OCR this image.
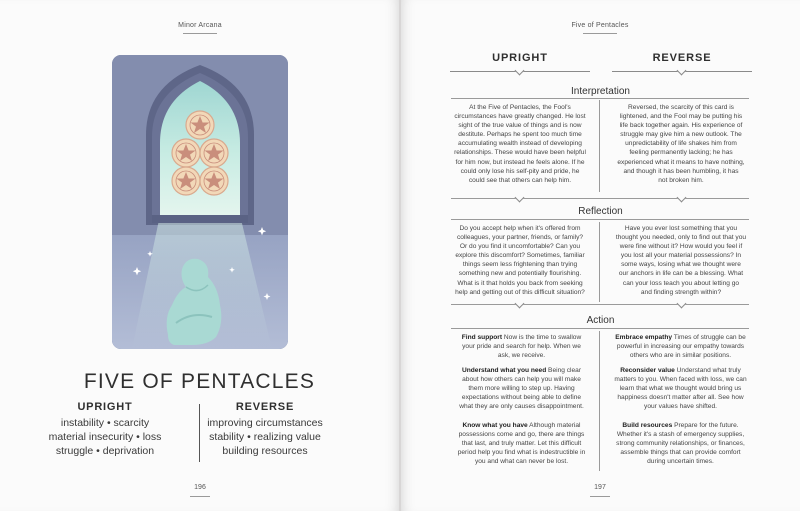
Minor Arcana
FIVE OF PENTACLES
UPRIGHT
instability • scarcity
material insecurity • loss
struggle • deprivation
REVERSE
improving circumstances
stability • realizing value
building resources
196
Five of Pentacles
UPRIGHT	REVERSE
Interpretation
At the Five of Pentacles, the Fool's
circumstances have greatly changed. He lost
sight of the true value of things and is now
destitute. Perhaps he spent too much time
accumulating wealth instead of developing
relationships. These would have been helpful
for him now, but instead he feels alone. If he
could only lose his self-pity and pride, he
could see that others can help him.
Reversed, the scarcity of this card is
lightened, and the Fool may be putting his
life back together again. His experience of
struggle may give him a new outlook. The
unpredictability of life shakes him from
feeling permanently lacking; he has
experienced what it means to have nothing,
and though it has been humbling, it has
not broken him.
Reflection
Do you accept help when it's offered from
colleagues, your partner, friends, or family?
Or do you find it uncomfortable? Can you
explore this discomfort? Sometimes, familiar
things seem less frightening than trying
something new and potentially flourishing.
What is it that holds you back from seeking
help and getting out of this difficult situation?
Have you ever lost something that you
thought you needed, only to find out that you
were fine without it? How would you feel if
you lost all your material possessions? In
some ways, losing what we thought were
our anchors in life can be a blessing. What
can your loss teach you about letting go
and finding strength within?
Action
Find support Now is the time to swallow
your pride and search for help. When we
ask, we receive.
Understand what you need Being clear
about how others can help you will make
them more willing to step up. Having
expectations without being able to define
what they are only causes disappointment.
Know what you have Although material
possessions come and go, there are things
that last, and truly matter. Let this difficult
period help you find what is indestructible in
you and what can never be lost.
Embrace empathy Times of struggle can be
powerful in increasing our empathy towards
others who are in similar positions.
Reconsider value Understand what truly
matters to you. When faced with loss, we can
learn that what we thought would bring us
happiness doesn't matter after all. See how
your values have shifted.
Build resources Prepare for the future.
Whether it's a stash of emergency supplies,
strong community relationships, or finances,
assemble things that can provide comfort
during uncertain times.
197
